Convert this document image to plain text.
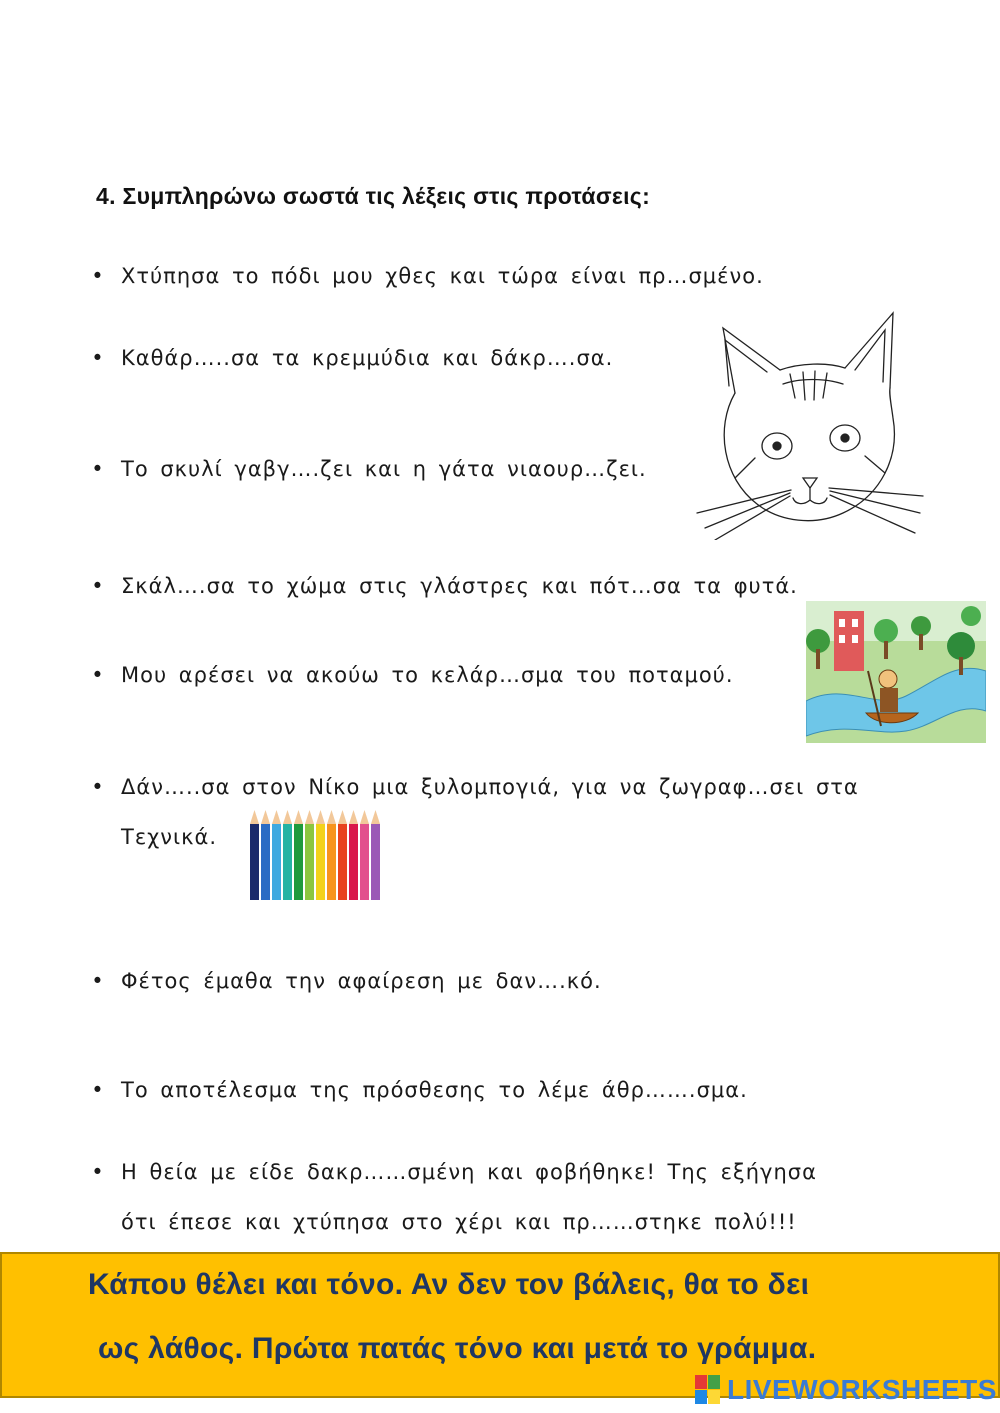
4. Συμπληρώνω σωστά τις λέξεις στις προτάσεις:
• Χτύπησα το πόδι μου χθες και τώρα είναι πρ…σμένο.
• Καθάρ…..σα τα κρεμμύδια και δάκρ….σα.
• Το σκυλί γαβγ….ζει και η γάτα νιαουρ…ζει.
• Σκάλ….σα το χώμα στις γλάστρες και πότ…σα τα φυτά.
• Μου αρέσει να ακούω το κελάρ…σμα του ποταμού.
• Δάν…..σα στον Νίκο μια ξυλομπογιά, για να ζωγραφ…σει στα
Τεχνικά.
• Φέτος έμαθα την αφαίρεση με δαν….κό.
• Το αποτέλεσμα της πρόσθεσης το λέμε άθρ…….σμα.
• Η θεία με είδε δακρ……σμένη και φοβήθηκε! Της εξήγησα
ότι έπεσε και χτύπησα στο χέρι και πρ……στηκε πολύ!!!
Κάπου θέλει και τόνο. Αν δεν τον βάλεις, θα το δει
ως λάθος. Πρώτα πατάς τόνο και μετά το γράμμα.
LIVEWORKSHEETS
